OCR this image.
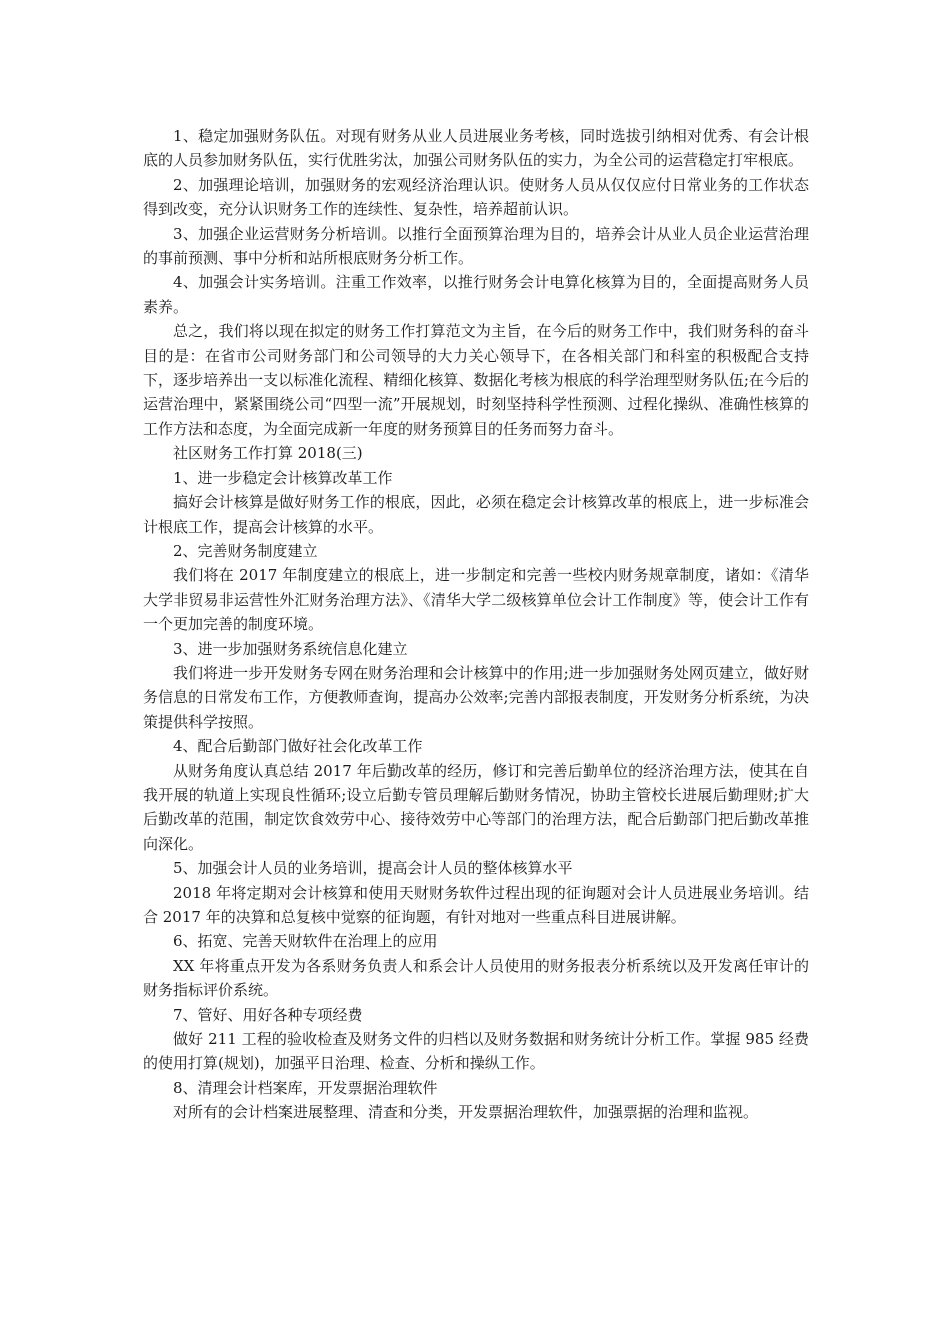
1、稳定加强财务队伍。对现有财务从业人员进展业务考核，同时选拔引纳相对优秀、有会计根底的人员参加财务队伍，实行优胜劣汰，加强公司财务队伍的实力，为全公司的运营稳定打牢根底。

2、加强理论培训，加强财务的宏观经济治理认识。使财务人员从仅仅应付日常业务的工作状态得到改变，充分认识财务工作的连续性、复杂性，培养超前认识。

3、加强企业运营财务分析培训。以推行全面预算治理为目的，培养会计从业人员企业运营治理的事前预测、事中分析和站所根底财务分析工作。

4、加强会计实务培训。注重工作效率，以推行财务会计电算化核算为目的，全面提高财务人员素养。

总之，我们将以现在拟定的财务工作打算范文为主旨，在今后的财务工作中，我们财务科的奋斗目的是：在省市公司财务部门和公司领导的大力关心领导下，在各相关部门和科室的积极配合支持下，逐步培养出一支以标准化流程、精细化核算、数据化考核为根底的科学治理型财务队伍;在今后的运营治理中，紧紧围绕公司“四型一流”开展规划，时刻坚持科学性预测、过程化操纵、准确性核算的工作方法和态度，为全面完成新一年度的财务预算目的任务而努力奋斗。

社区财务工作打算 2018(三)

1、进一步稳定会计核算改革工作

搞好会计核算是做好财务工作的根底，因此，必须在稳定会计核算改革的根底上，进一步标准会计根底工作，提高会计核算的水平。

2、完善财务制度建立

我们将在 2017 年制度建立的根底上，进一步制定和完善一些校内财务规章制度，诸如：《清华大学非贸易非运营性外汇财务治理方法》、《清华大学二级核算单位会计工作制度》等，使会计工作有一个更加完善的制度环境。

3、进一步加强财务系统信息化建立

我们将进一步开发财务专网在财务治理和会计核算中的作用;进一步加强财务处网页建立，做好财务信息的日常发布工作，方便教师查询，提高办公效率;完善内部报表制度，开发财务分析系统，为决策提供科学按照。

4、配合后勤部门做好社会化改革工作

从财务角度认真总结 2017 年后勤改革的经历，修订和完善后勤单位的经济治理方法，使其在自我开展的轨道上实现良性循环;设立后勤专管员理解后勤财务情况，协助主管校长进展后勤理财;扩大后勤改革的范围，制定饮食效劳中心、接待效劳中心等部门的治理方法，配合后勤部门把后勤改革推向深化。

5、加强会计人员的业务培训，提高会计人员的整体核算水平

2018 年将定期对会计核算和使用天财财务软件过程出现的征询题对会计人员进展业务培训。结合 2017 年的决算和总复核中觉察的征询题，有针对地对一些重点科目进展讲解。

6、拓宽、完善天财软件在治理上的应用

XX 年将重点开发为各系财务负责人和系会计人员使用的财务报表分析系统以及开发离任审计的财务指标评价系统。

7、管好、用好各种专项经费

做好 211 工程的验收检查及财务文件的归档以及财务数据和财务统计分析工作。掌握 985 经费的使用打算(规划)，加强平日治理、检查、分析和操纵工作。

8、清理会计档案库，开发票据治理软件

对所有的会计档案进展整理、清查和分类，开发票据治理软件，加强票据的治理和监视。
